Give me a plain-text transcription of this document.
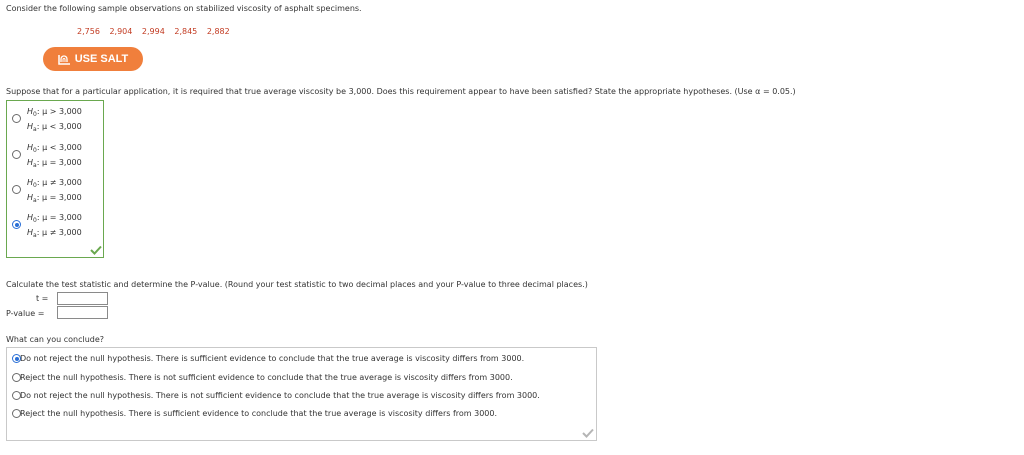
Consider the following sample observations on stabilized viscosity of asphalt specimens.
2,756 2,904 2,994 2,845 2,882
USE SALT
Suppose that for a particular application, it is required that true average viscosity be 3,000. Does this requirement appear to have been satisfied? State the appropriate hypotheses. (Use α = 0.05.)
$H_0$: μ > 3,000
$H_a$: μ < 3,000
$H_0$: μ < 3,000
$H_a$: μ = 3,000
$H_0$: μ ≠ 3,000
$H_a$: μ = 3,000
$H_0$: μ = 3,000
$H_a$: μ ≠ 3,000
Calculate the test statistic and determine the P-value. (Round your test statistic to two decimal places and your P-value to three decimal places.)
t =
P-value =
What can you conclude?
Do not reject the null hypothesis. There is sufficient evidence to conclude that the true average is viscosity differs from 3000.
Reject the null hypothesis. There is not sufficient evidence to conclude that the true average is viscosity differs from 3000.
Do not reject the null hypothesis. There is not sufficient evidence to conclude that the true average is viscosity differs from 3000.
Reject the null hypothesis. There is sufficient evidence to conclude that the true average is viscosity differs from 3000.
